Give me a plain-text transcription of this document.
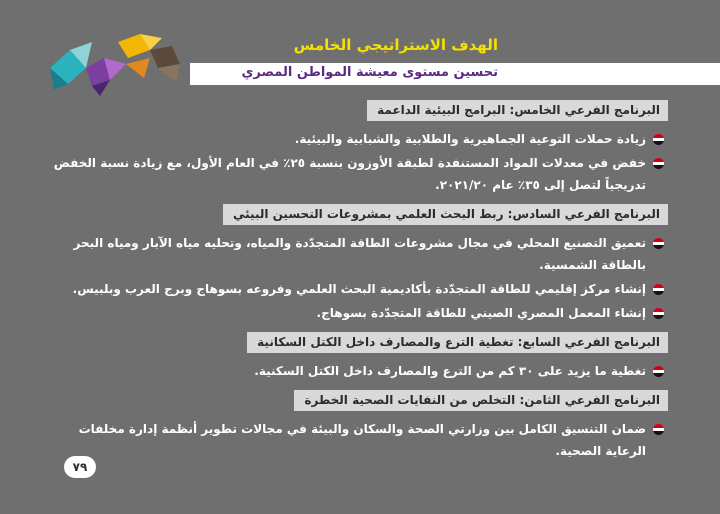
الهدف الاستراتيجي الخامس
تحسين مستوى معيشة المواطن المصري
البرنامج الفرعي الخامس: البرامج البيئية الداعمة
زيادة حملات التوعية الجماهيرية والطلابية والشبابية والبيئية.
خفض في معدلات المواد المستنفدة لطبقة الأوزون بنسبة ٢٥٪ في العام الأول، مع زيادة نسبة الخفض تدريجياً لتصل إلى ٣٥٪ عام ٢٠٢١/٢٠.
البرنامج الفرعي السادس: ربط البحث العلمي بمشروعات التحسين البيئي
تعميق التصنيع المحلي في مجال مشروعات الطاقة المتجدّدة والمياه، وتحليه مياه الآبار ومياه البحر بالطاقة الشمسية.
إنشاء مركز إقليمي للطاقة المتجدّدة بأكاديمية البحث العلمي وفروعه بسوهاج وبرج العرب وبلبيس.
إنشاء المعمل المصري الصيني للطاقة المتجدّدة بسوهاج.
البرنامج الفرعي السابع: تغطية الترع والمصارف داخل الكتل السكانية
تغطية ما يزيد على ٣٠ كم من الترع والمصارف داخل الكتل السكنية.
البرنامج الفرعي الثامن: التخلص من النفايات الصحية الخطرة
ضمان التنسيق الكامل بين وزارتي الصحة والسكان والبيئة في مجالات تطوير أنظمة إدارة مخلفات الرعاية الصحية.
٧٩
